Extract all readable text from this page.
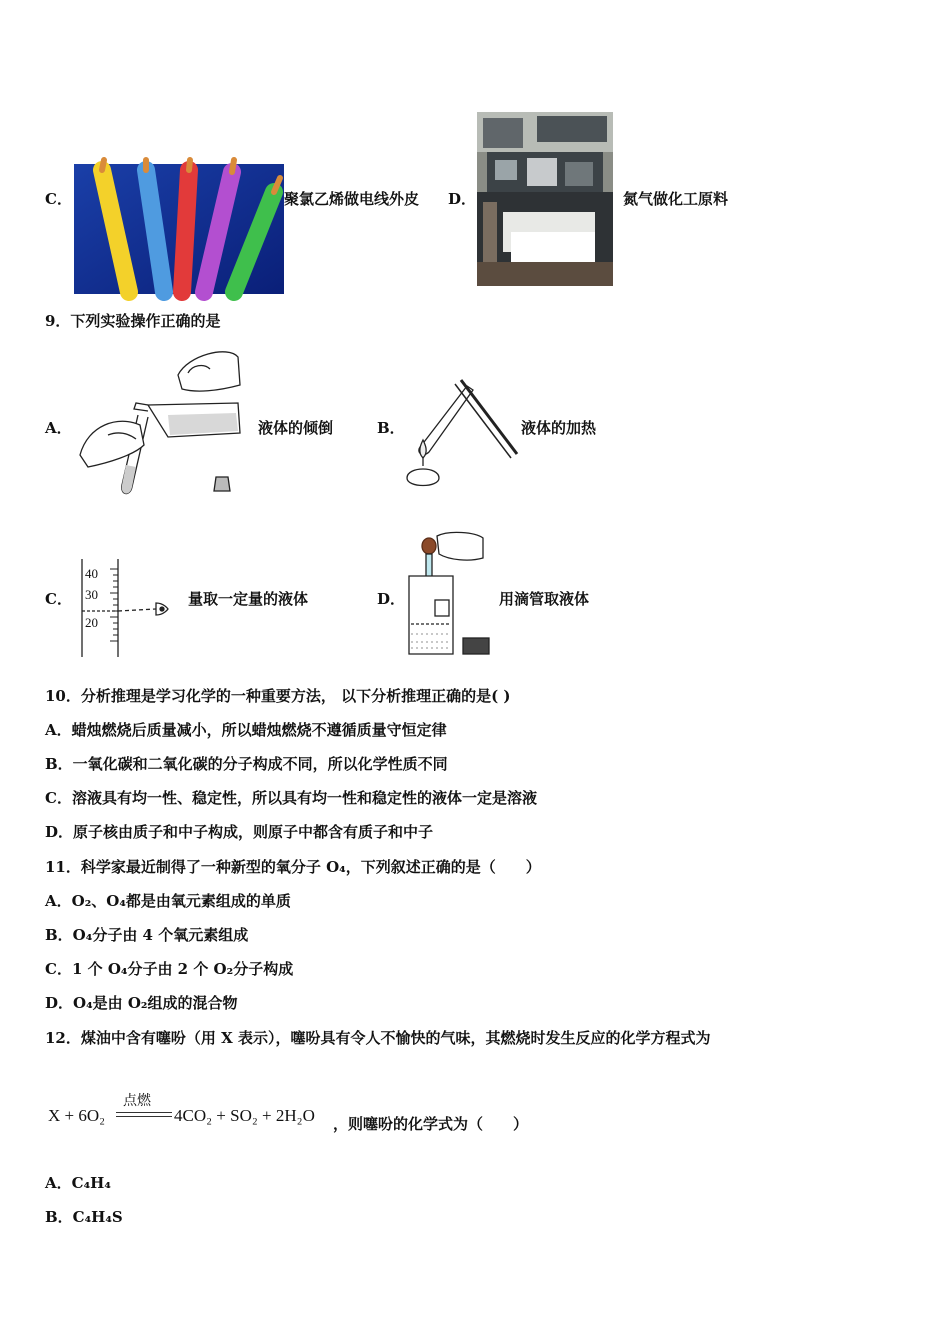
C．	聚氯乙烯做电线外皮 D．	氮气做化工原料
9．下列实验操作正确的是
A．	液体的倾倒	B．	液体的加热
C．
40
30
20
量取一定量的液体	D．	用滴管取液体
10．分析推理是学习化学的一种重要方法， 以下分析推理正确的是( )
A．蜡烛燃烧后质量减小，所以蜡烛燃烧不遵循质量守恒定律
B．一氧化碳和二氧化碳的分子构成不同，所以化学性质不同
C．溶液具有均一性、稳定性，所以具有均一性和稳定性的液体一定是溶液
D．原子核由质子和中子构成，则原子中都含有质子和中子
11．科学家最近制得了一种新型的氧分子 O₄，下列叙述正确的是（　　）
A．O₂、O₄都是由氧元素组成的单质
B．O₄分子由 4 个氧元素组成
C．1 个 O₄分子由 2 个 O₂分子构成
D．O₄是由 O₂组成的混合物
12．煤油中含有噻吩（用 X 表示），噻吩具有令人不愉快的气味，其燃烧时发生反应的化学方程式为
X + 6O₂
点燃
4CO₂ + SO₂ + 2H₂O ，则噻吩的化学式为（　　）
A．C₄H₄
B．C₄H₄S
